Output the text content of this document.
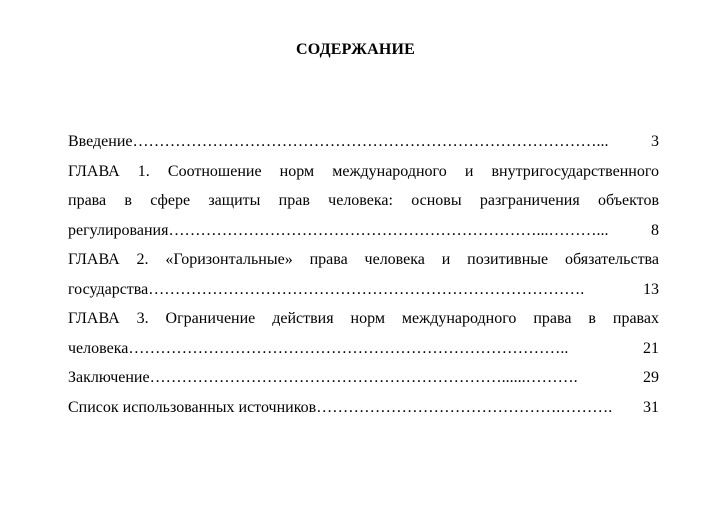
СОДЕРЖАНИЕ
Введение ……………………………………………………………………………...	3
ГЛАВА 1. Соотношение норм международного и внутригосударственного
права в сфере защиты прав человека: основы разграничения объектов
регулирования ……………………………………………………………...………...	8
ГЛАВА 2. «Горизонтальные» права человека и позитивные обязательства
государства ……………………………………………………………………….	13
ГЛАВА 3. Ограничение действия норм международного права в правах
человека ………………………………………………………………………..	21
Заключение …………………………………………………………......……….	29
Список использованных источников ……………………………………….……….	31
